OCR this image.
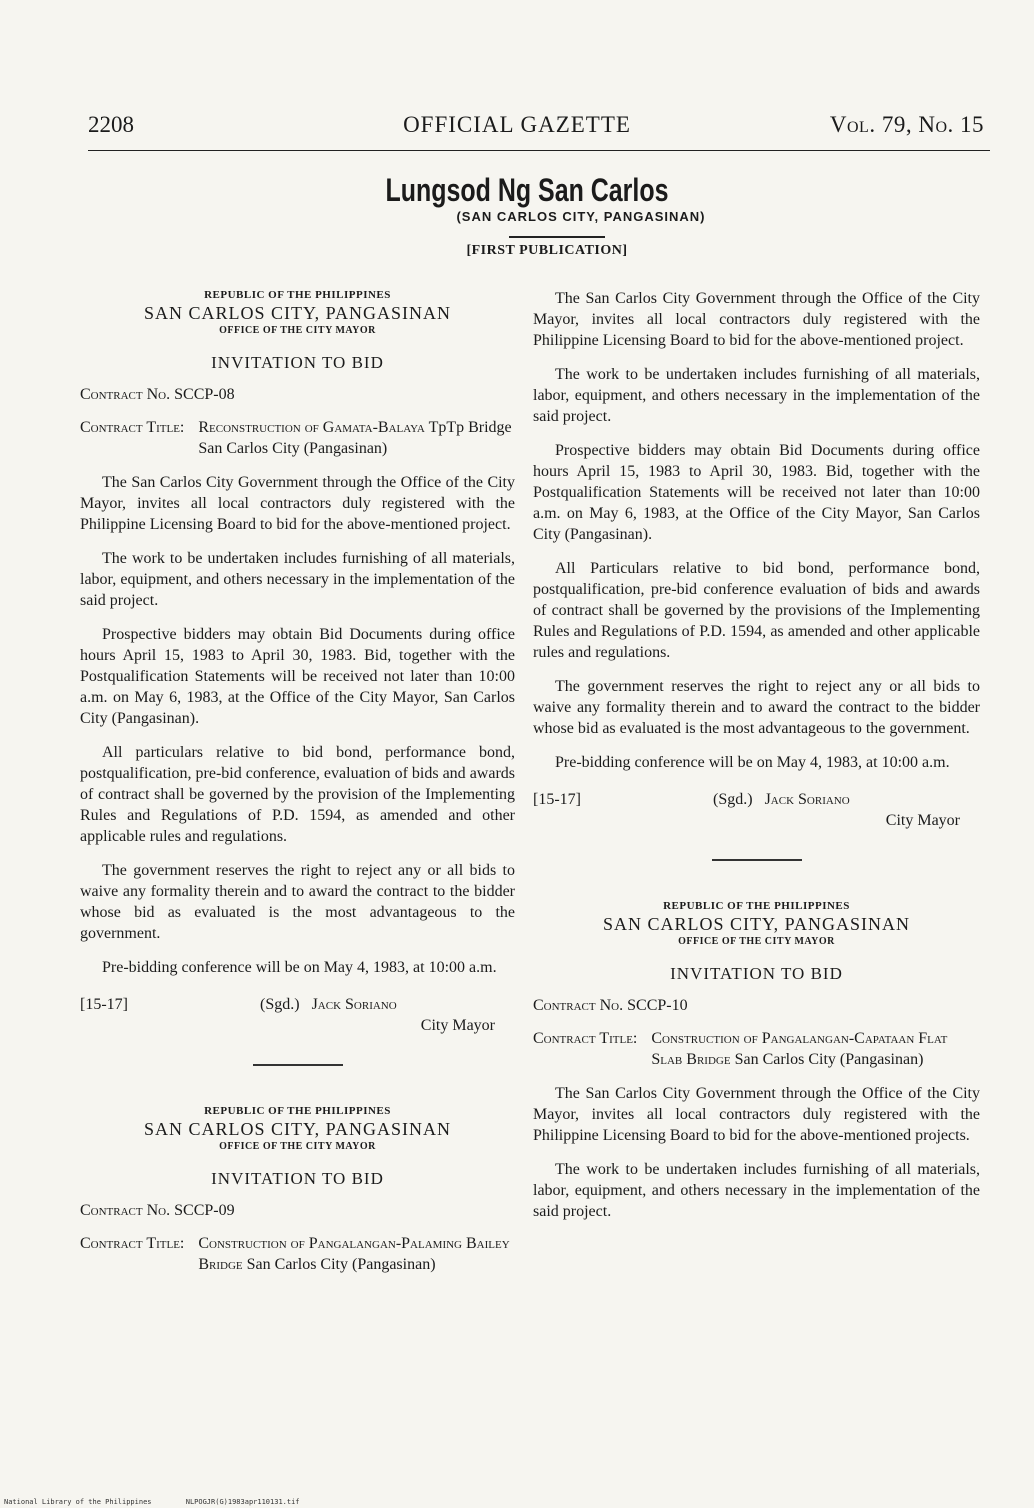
2208	OFFICIAL GAZETTE	Vol. 79, No. 15
Lungsod Ng San Carlos
(SAN CARLOS CITY, PANGASINAN)
[FIRST PUBLICATION]
REPUBLIC OF THE PHILIPPINES
SAN CARLOS CITY, PANGASINAN
OFFICE OF THE CITY MAYOR
INVITATION TO BID
Contract No. SCCP-08
Contract Title: Reconstruction of Gamata-Balaya TpTp Bridge San Carlos City (Pangasinan)

The San Carlos City Government through the Office of the City Mayor, invites all local contractors duly registered with the Philippine Licensing Board to bid for the above-mentioned project.

The work to be undertaken includes furnishing of all materials, labor, equipment, and others necessary in the implementation of the said project.

Prospective bidders may obtain Bid Documents during office hours April 15, 1983 to April 30, 1983. Bid, together with the Postqualification Statements will be received not later than 10:00 a.m. on May 6, 1983, at the Office of the City Mayor, San Carlos City (Pangasinan).

All particulars relative to bid bond, performance bond, postqualification, pre-bid conference, evaluation of bids and awards of contract shall be governed by the provision of the Implementing Rules and Regulations of P.D. 1594, as amended and other applicable rules and regulations.

The government reserves the right to reject any or all bids to waive any formality therein and to award the contract to the bidder whose bid as evaluated is the most advantageous to the government.

Pre-bidding conference will be on May 4, 1983, at 10:00 a.m.

[15-17]	(Sgd.) Jack Soriano
City Mayor
REPUBLIC OF THE PHILIPPINES
SAN CARLOS CITY, PANGASINAN
OFFICE OF THE CITY MAYOR
INVITATION TO BID
Contract No. SCCP-09
Contract Title: Construction of Pangalangan-Palaming Bailey Bridge San Carlos City (Pangasinan)

The San Carlos City Government through the Office of the City Mayor, invites all local contractors duly registered with the Philippine Licensing Board to bid for the above-mentioned project.

The work to be undertaken includes furnishing of all materials, labor, equipment, and others necessary in the implementation of the said project.

Prospective bidders may obtain Bid Documents during office hours April 15, 1983 to April 30, 1983. Bid, together with the Postqualification Statements will be received not later than 10:00 a.m. on May 6, 1983, at the Office of the City Mayor, San Carlos City (Pangasinan).

All Particulars relative to bid bond, performance bond, postqualification, pre-bid conference evaluation of bids and awards of contract shall be governed by the provisions of the Implementing Rules and Regulations of P.D. 1594, as amended and other applicable rules and regulations.

The government reserves the right to reject any or all bids to waive any formality therein and to award the contract to the bidder whose bid as evaluated is the most advantageous to the government.

Pre-bidding conference will be on May 4, 1983, at 10:00 a.m.

[15-17]	(Sgd.) Jack Soriano
City Mayor
REPUBLIC OF THE PHILIPPINES
SAN CARLOS CITY, PANGASINAN
OFFICE OF THE CITY MAYOR
INVITATION TO BID
Contract No. SCCP-10
Contract Title: Construction of Pangalangan-Capataan Flat Slab Bridge San Carlos City (Pangasinan)

The San Carlos City Government through the Office of the City Mayor, invites all local contractors duly registered with the Philippine Licensing Board to bid for the above-mentioned projects.

The work to be undertaken includes furnishing of all materials, labor, equipment, and others necessary in the implementation of the said project.

National Library of the Philippines	NLPOGJR(G)1983apr110131.tif
